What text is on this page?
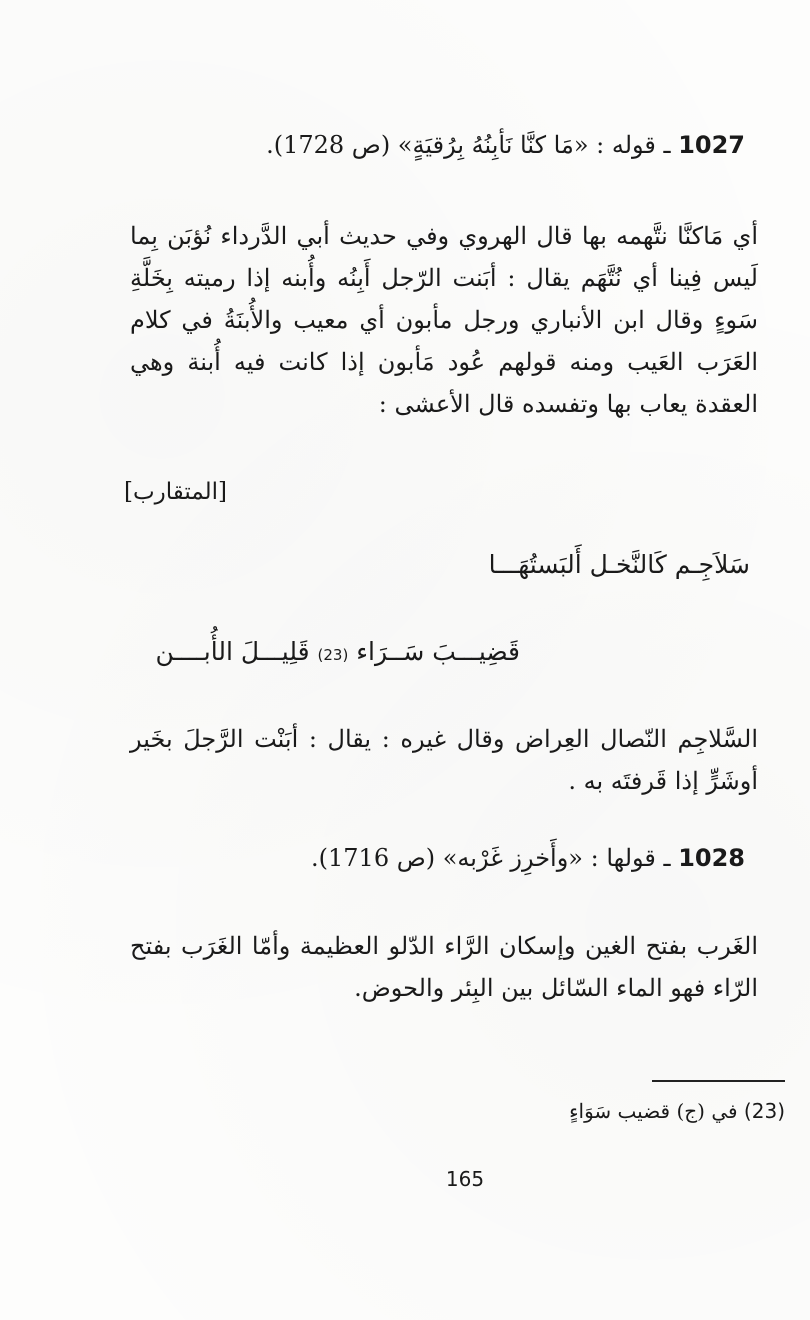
1027 ـ قوله : «مَا كنَّا نَأبِنُهُ بِرُقيَةٍ» (ص 1728).
أي مَاكنَّا نتَّهمه بها قال الهروي وفي حديث أبي الدَّرداء نُؤبَن بِما لَيس فِينا أي نُتَّهَم يقال : أبَنت الرّجل أَبِنُه وأُبنه إذا رميته بِخَلَّةِ سَوءٍ وقال ابن الأنباري ورجل مأبون أي معيب والأُبنَةُ في كلام العَرَب العَيب ومنه قولهم عُود مَأبون إذا كانت فيه أُبنة وهي العقدة يعاب بها وتفسده قال الأعشى :
[المتقارب]
سَلاَجِـم كَالنَّخـل أَلبَستُهَـــا
قَضِيـــبَ سَــرَاء (23) قَلِيـــلَ الأُبــــن
السَّلاجِم النّصال العِراض وقال غيره : يقال : أبَنْت الرَّجلَ بخَير أوشَرٍّ إذا قَرفتَه به .
1028 ـ قولها : «وأَخرِز غَرْبه» (ص 1716).
الغَرب بفتح الغين وإسكان الرَّاء الدّلو العظيمة وأمّا الغَرَب بفتح الرّاء فهو الماء السّائل بين البِئر والحوض.
(23) في (ج) قضيب سَوَاءٍ
165
